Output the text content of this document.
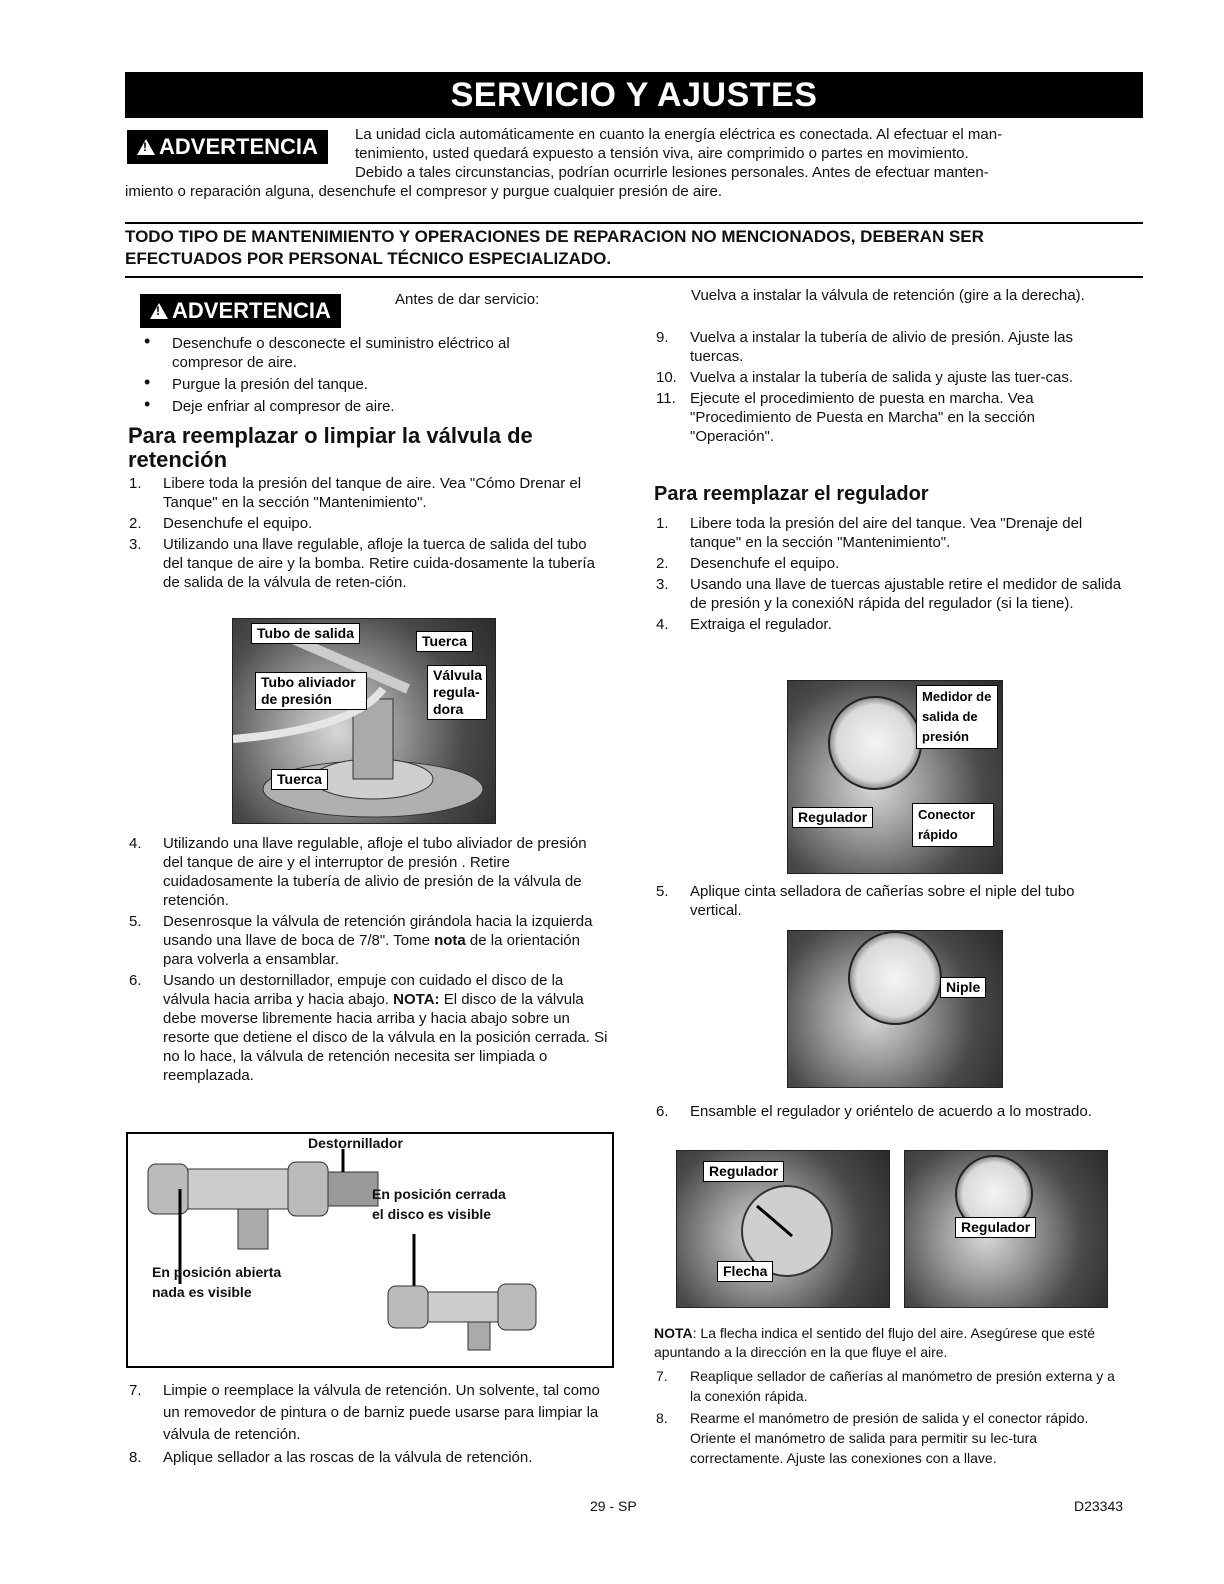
SERVICIO Y AJUSTES
!ADVERTENCIA	La unidad cicla automáticamente en cuanto la energía eléctrica es conectada. Al efectuar el man-
tenimiento, usted quedará expuesto a tensión viva, aire comprimido o partes en movimiento.
Debido a tales circunstancias, podrían ocurrirle lesiones personales. Antes de efectuar manten-
imiento o reparación alguna, desenchufe el compresor y purgue cualquier presión de aire.
TODO TIPO DE MANTENIMIENTO Y OPERACIONES DE REPARACION NO MENCIONADOS, DEBERAN SER
EFECTUADOS POR PERSONAL TÉCNICO ESPECIALIZADO.
!ADVERTENCIA	Antes de dar servicio:
• Desenchufe o desconecte el suministro eléctrico al compresor de aire.
• Purgue la presión del tanque.
• Deje enfriar al compresor de aire.
Para reemplazar o limpiar la válvula de retención
1. Libere toda la presión del tanque de aire. Vea "Cómo Drenar el Tanque" en la sección "Mantenimiento".
2. Desenchufe el equipo.
3. Utilizando una llave regulable, afloje la tuerca de salida del tubo del tanque de aire y la bomba. Retire cuida-dosamente la tubería de salida de la válvula de reten-ción.
Tubo de salida	Tuerca
Válvula regula- dora
Tubo aliviador de presión
Tuerca
4. Utilizando una llave regulable, afloje el tubo aliviador de presión del tanque de aire y el interruptor de presión . Retire cuidadosamente la tubería de alivio de presión de la válvula de retención.
5. Desenrosque la válvula de retención girándola hacia la izquierda usando una llave de boca de 7/8". Tome nota de la orientación para volverla a ensamblar.
6. Usando un destornillador, empuje con cuidado el disco de la válvula hacia arriba y hacia abajo. NOTA: El disco de la válvula debe moverse libremente hacia arriba y hacia abajo sobre un resorte que detiene el disco de la válvula en la posición cerrada. Si no lo hace, la válvula de retención necesita ser limpiada o reemplazada.
Destornillador
En posición cerrada
el disco es visible
En posición abierta
nada es visible
7. Limpie o reemplace la válvula de retención. Un solvente, tal como un removedor de pintura o de barniz puede usarse para limpiar la válvula de retención.
8. Aplique sellador a las roscas de la válvula de retención.
Vuelva a instalar la válvula de retención (gire a la derecha).
9. Vuelva a instalar la tubería de alivio de presión. Ajuste las tuercas.
10. Vuelva a instalar la tubería de salida y ajuste las tuer-cas.
11. Ejecute el procedimiento de puesta en marcha. Vea "Procedimiento de Puesta en Marcha" en la sección "Operación".
Para reemplazar el regulador
1. Libere toda la presión del aire del tanque. Vea "Drenaje del tanque" en la sección "Mantenimiento".
2. Desenchufe el equipo.
3. Usando una llave de tuercas ajustable retire el medidor de salida de presión y la conexióN rápida del regulador (si la tiene).
4. Extraiga el regulador.
Medidor de salida de presión
Regulador	Conector rápido
5. Aplique cinta selladora de cañerías sobre el niple del tubo vertical.
Niple
6. Ensamble el regulador y oriéntelo de acuerdo a lo mostrado.
Regulador
Flecha
Regulador
NOTA: La flecha indica el sentido del flujo del aire. Asegúrese que esté apuntando a la dirección en la que fluye el aire.
7. Reaplique sellador de cañerías al manómetro de presión externa y a la conexión rápida.
8. Rearme el manómetro de presión de salida y el conector rápido. Oriente el manómetro de salida para permitir su lec-tura correctamente. Ajuste las conexiones con a llave.
29 - SP	D23343
